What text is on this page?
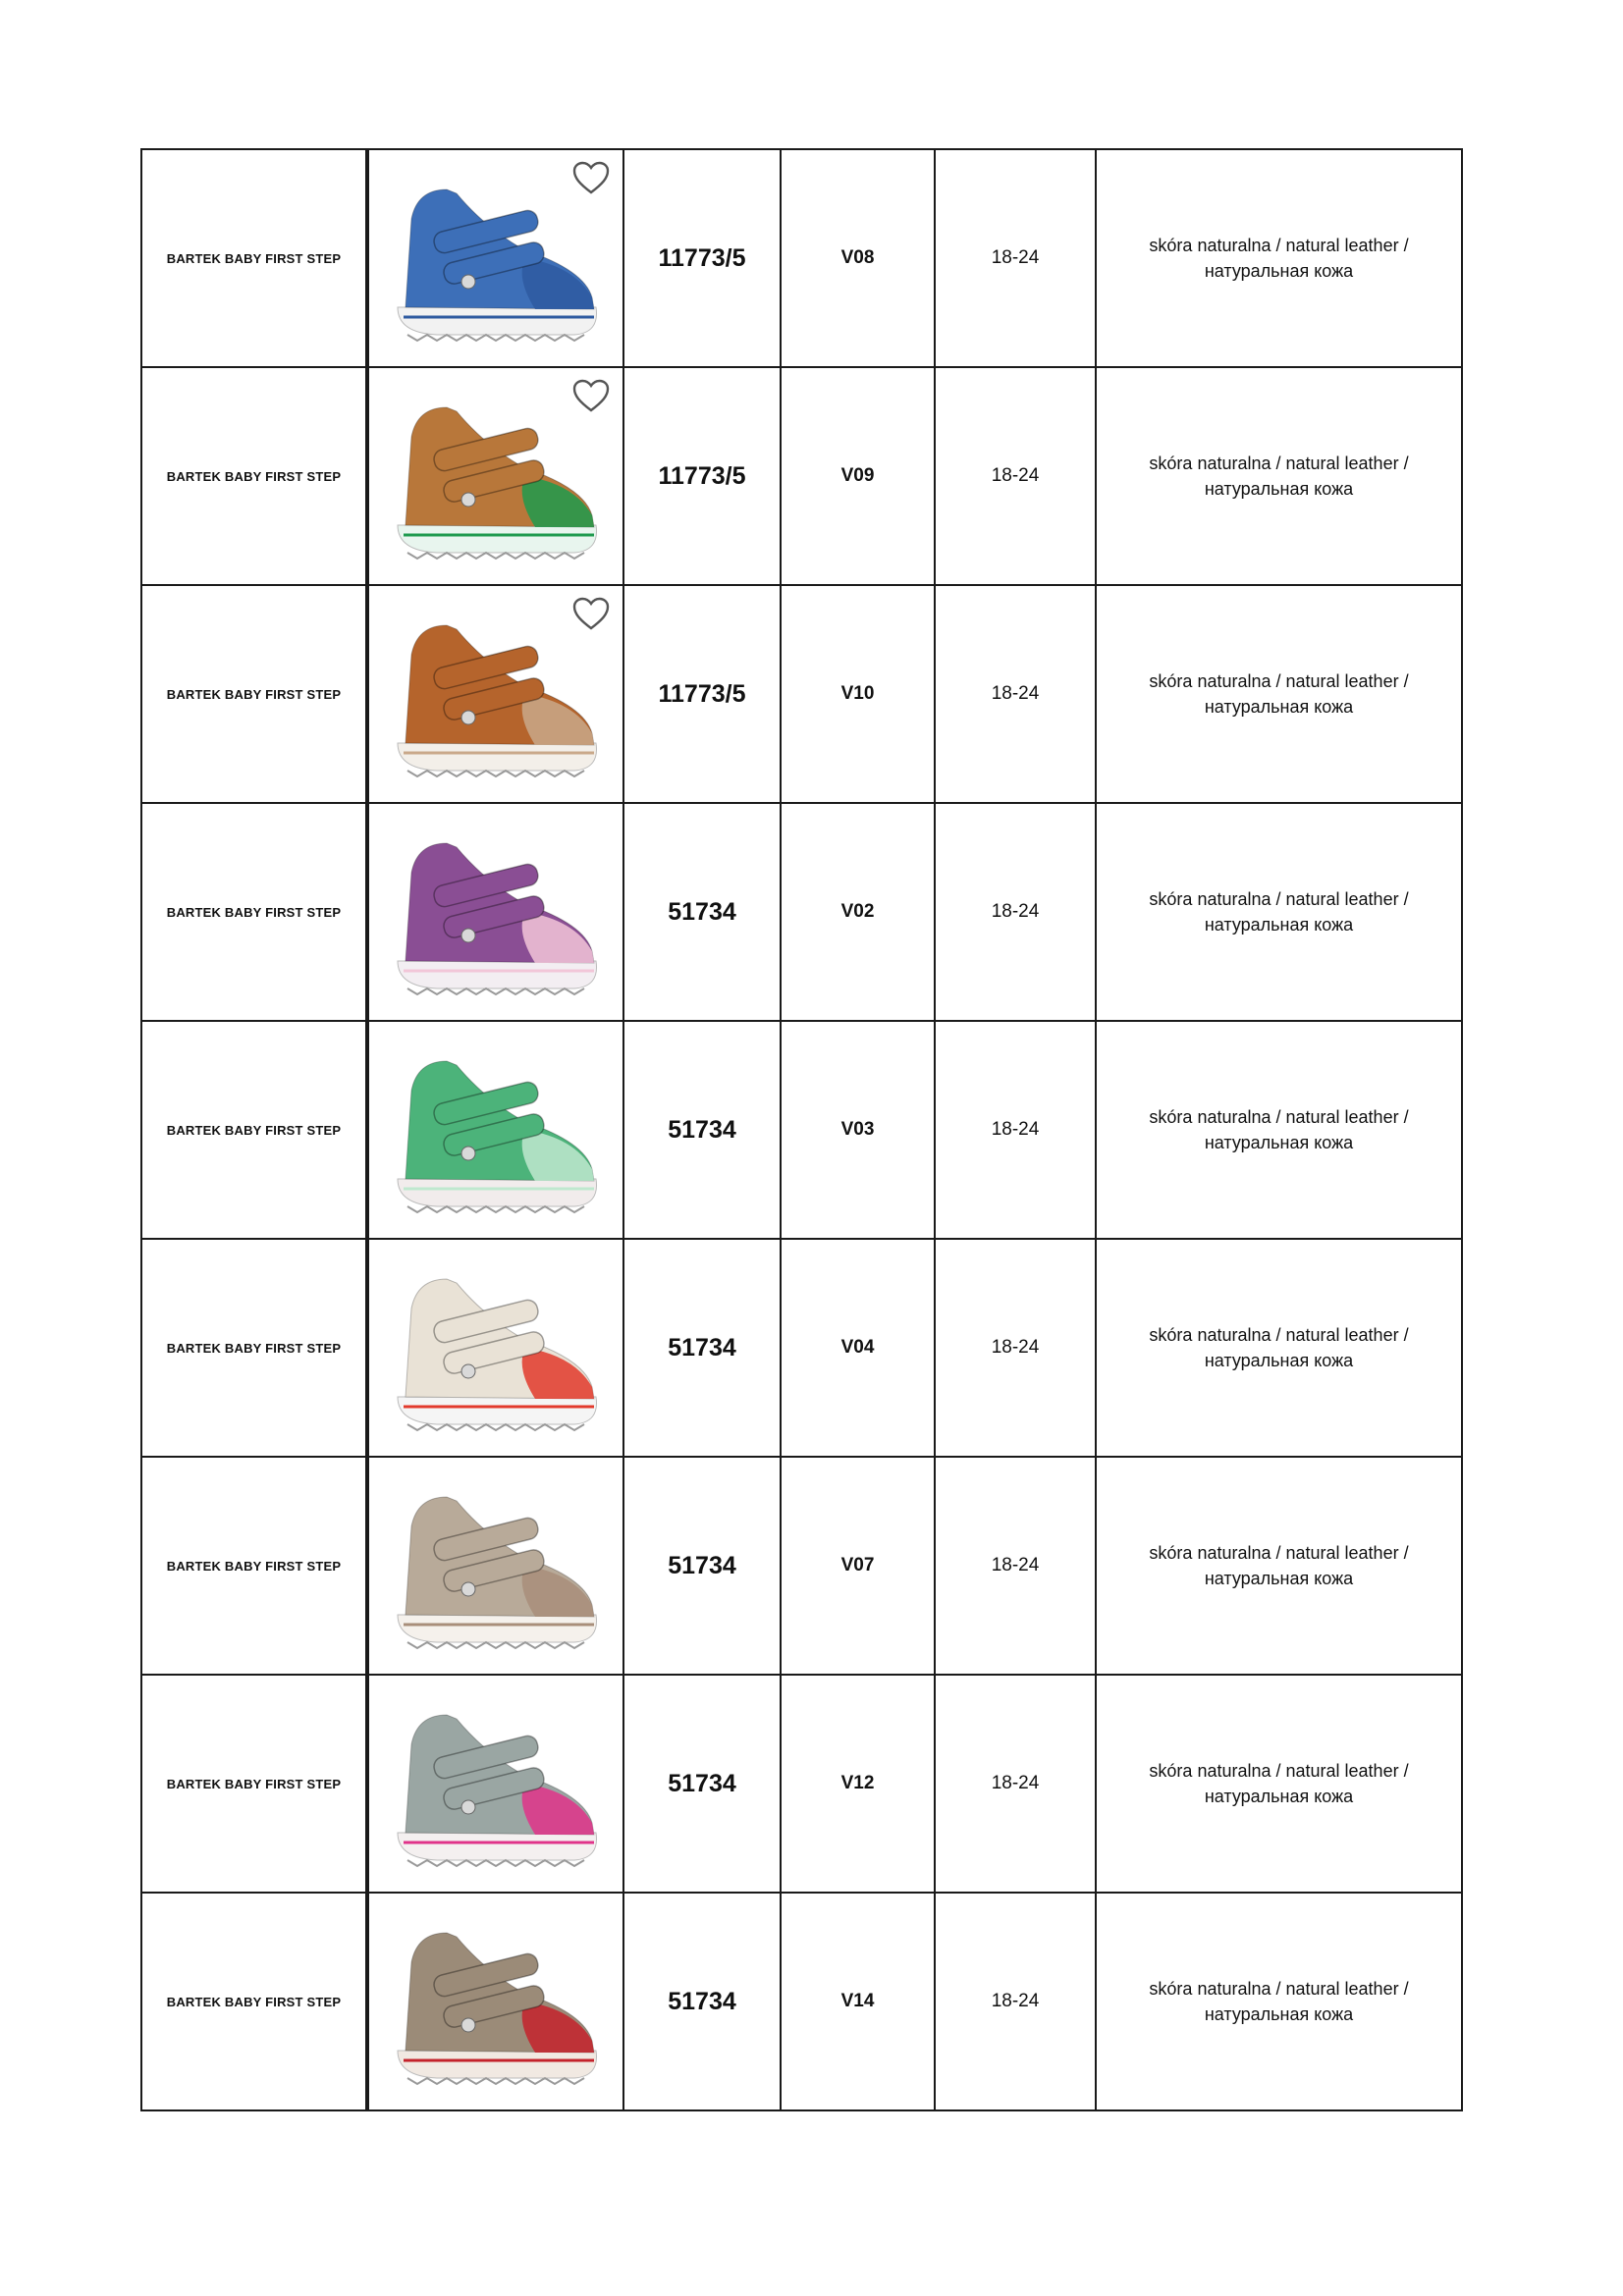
BARTEK BABY FIRST STEP		11773/5	V08	18-24	skóra naturalna / natural leather /
натуральная кожа
BARTEK BABY FIRST STEP		11773/5	V09	18-24	skóra naturalna / natural leather /
натуральная кожа
BARTEK BABY FIRST STEP		11773/5	V10	18-24	skóra naturalna / natural leather /
натуральная кожа
BARTEK BABY FIRST STEP		51734	V02	18-24	skóra naturalna / natural leather /
натуральная кожа
BARTEK BABY FIRST STEP		51734	V03	18-24	skóra naturalna / natural leather /
натуральная кожа
BARTEK BABY FIRST STEP		51734	V04	18-24	skóra naturalna / natural leather /
натуральная кожа
BARTEK BABY FIRST STEP		51734	V07	18-24	skóra naturalna / natural leather /
натуральная кожа
BARTEK BABY FIRST STEP		51734	V12	18-24	skóra naturalna / natural leather /
натуральная кожа
BARTEK BABY FIRST STEP		51734	V14	18-24	skóra naturalna / natural leather /
натуральная кожа
